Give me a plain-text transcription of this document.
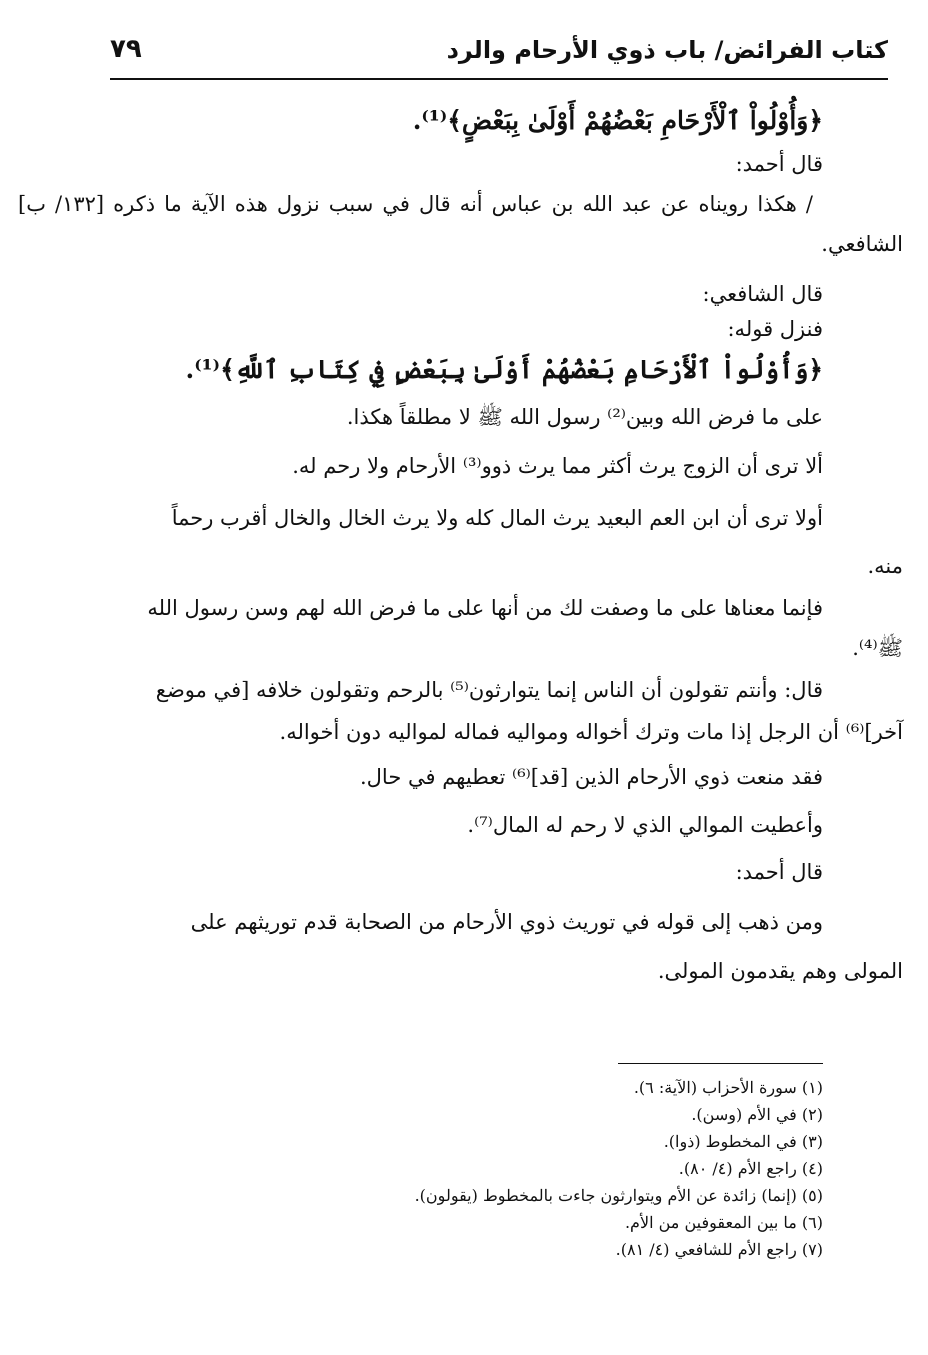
كتاب الفرائض/ باب ذوي الأرحام والرد
٧٩
﴿وَأُوْلُواْ ٱلْأَرْحَامِ بَعْضُهُمْ أَوْلَىٰ بِبَعْضٍ﴾⁽¹⁾.
قال أحمد:
/ هكذا رويناه عن عبد الله بن عباس أنه قال في سبب نزول هذه الآية ما ذكره [١٣٢/ ب]
الشافعي.
قال الشافعي:
فنزل قوله:
﴿وَأُوْلُواْ ٱلْأَرْحَامِ بَعْضُهُمْ أَوْلَىٰ بِبَعْضٍ فِي كِتَابِ ٱللَّهِ﴾⁽¹⁾.
على ما فرض الله وبين⁽²⁾ رسول الله ﷺ لا مطلقاً هكذا.
ألا ترى أن الزوج يرث أكثر مما يرث ذوو⁽³⁾ الأرحام ولا رحم له.
أولا ترى أن ابن العم البعيد يرث المال كله ولا يرث الخال والخال أقرب رحماً
منه.
فإنما معناها على ما وصفت لك من أنها على ما فرض الله لهم وسن رسول الله
ﷺ⁽⁴⁾.
قال: وأنتم تقولون أن الناس إنما يتوارثون⁽⁵⁾ بالرحم وتقولون خلافه [في موضع
آخر]⁽⁶⁾ أن الرجل إذا مات وترك أخواله ومواليه فماله لمواليه دون أخواله.
فقد منعت ذوي الأرحام الذين [قد]⁽⁶⁾ تعطيهم في حال.
وأعطيت الموالي الذي لا رحم له المال⁽⁷⁾.
قال أحمد:
ومن ذهب إلى قوله في توريث ذوي الأرحام من الصحابة قدم توريثهم على
المولى وهم يقدمون المولى.
(١) سورة الأحزاب (الآية: ٦).
(٢) في الأم (وسن).
(٣) في المخطوط (ذوا).
(٤) راجع الأم (٤/ ٨٠).
(٥) (إنما) زائدة عن الأم ويتوارثون جاءت بالمخطوط (يقولون).
(٦) ما بين المعقوفين من الأم.
(٧) راجع الأم للشافعي (٤/ ٨١).
